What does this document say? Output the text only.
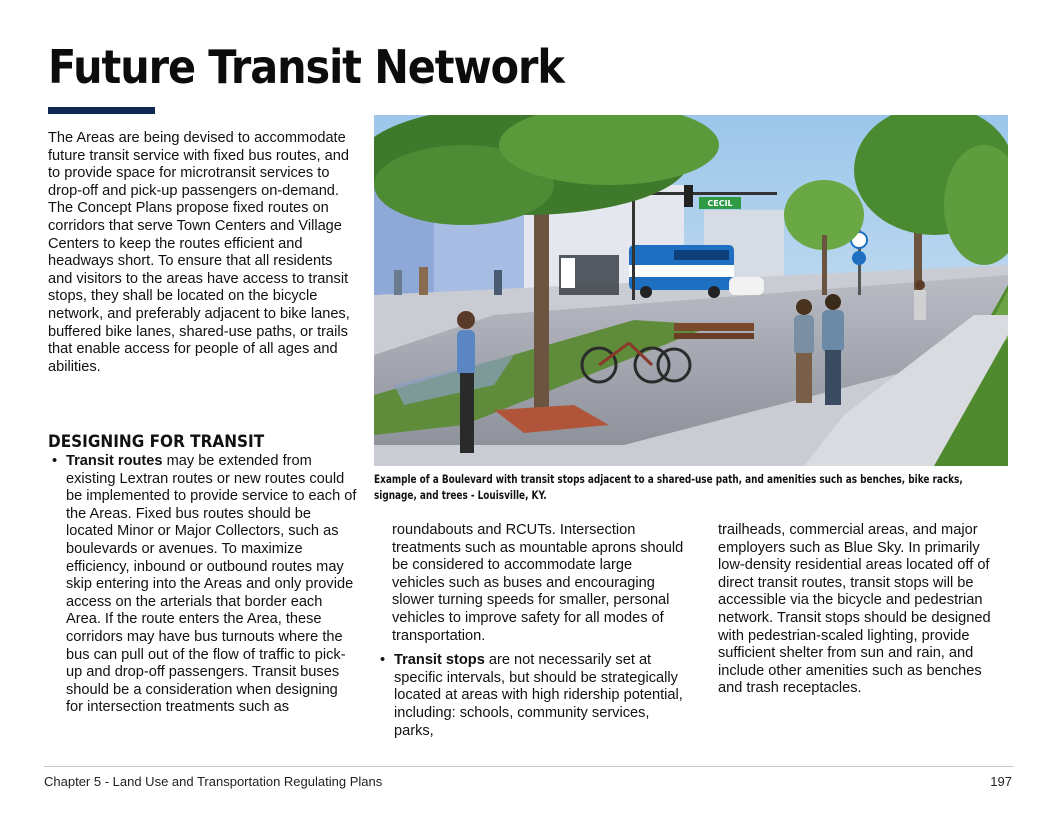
Future Transit Network

The Areas are being devised to accommodate future transit service with fixed bus routes, and to provide space for microtransit services to drop-off and pick-up passengers on-demand. The Concept Plans propose fixed routes on corridors that serve Town Centers and Village Centers to keep the routes efficient and headways short. To ensure that all residents and visitors to the areas have access to transit stops, they shall be located on the bicycle network, and preferably adjacent to bike lanes, buffered bike lanes, shared-use paths, or trails that enable access for people of all ages and abilities.

DESIGNING FOR TRANSIT

• Transit routes may be extended from existing Lextran routes or new routes could be implemented to provide service to each of the Areas. Fixed bus routes should be located Minor or Major Collectors, such as boulevards or avenues. To maximize efficiency, inbound or outbound routes may skip entering into the Areas and only provide access on the arterials that border each Area. If the route enters the Area, these corridors may have bus turnouts where the bus can pull out of the flow of traffic to pick-up and drop-off passengers. Transit buses should be a consideration when designing for intersection treatments such as

CECIL

Example of a Boulevard with transit stops adjacent to a shared-use path, and amenities such as benches, bike racks, signage, and trees - Louisville, KY.

roundabouts and RCUTs. Intersection treatments such as mountable aprons should be considered to accommodate large vehicles such as buses and encouraging slower turning speeds for smaller, personal vehicles to improve safety for all modes of transportation.

• Transit stops are not necessarily set at specific intervals, but should be strategically located at areas with high ridership potential, including: schools, community services, parks,

trailheads, commercial areas, and major employers such as Blue Sky. In primarily low-density residential areas located off of direct transit routes, transit stops will be accessible via the bicycle and pedestrian network. Transit stops should be designed with pedestrian-scaled lighting, provide sufficient shelter from sun and rain, and include other amenities such as benches and trash receptacles.

Chapter 5 - Land Use and Transportation Regulating Plans	197
